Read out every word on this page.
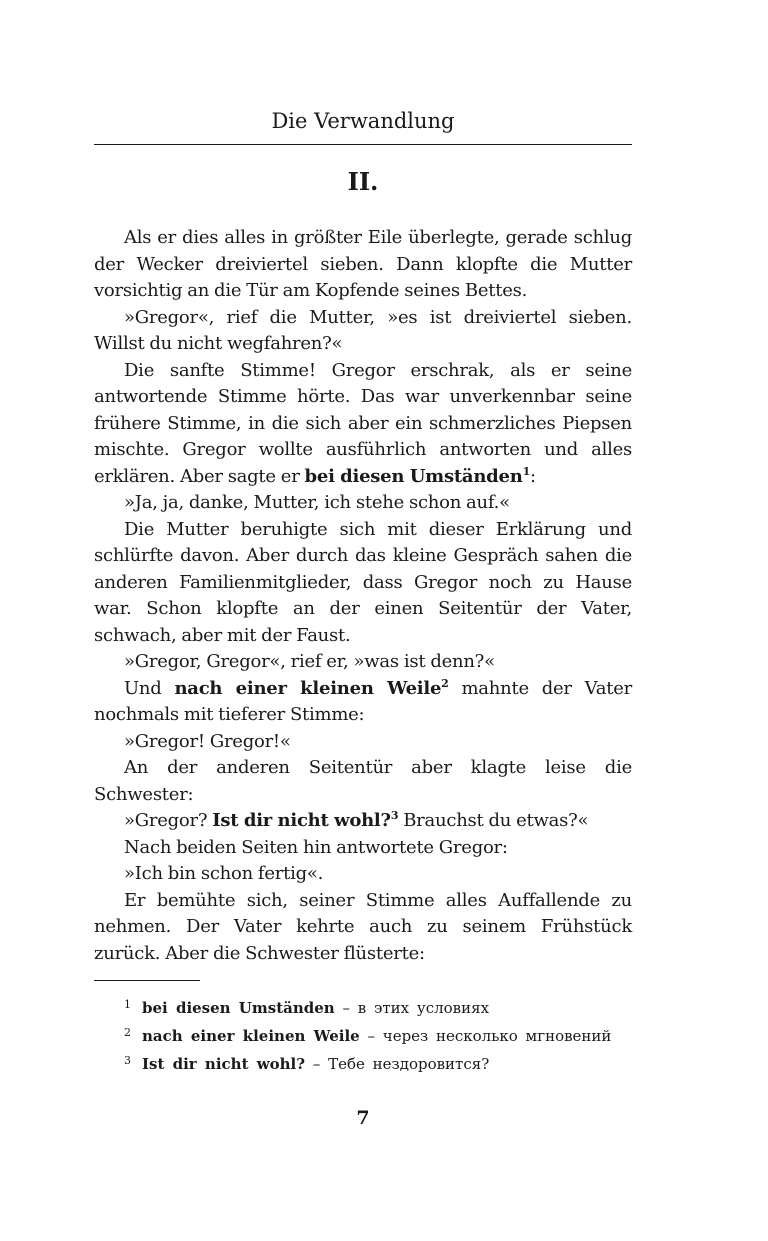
Die Verwandlung
II.

Als er dies alles in größter Eile überlegte, gerade schlug der Wecker dreiviertel sieben. Dann klopfte die Mutter vorsichtig an die Tür am Kopfende seines Bettes.

»Gregor«, rief die Mutter, »es ist dreiviertel sieben. Willst du nicht wegfahren?«

Die sanfte Stimme! Gregor erschrak, als er seine antwortende Stimme hörte. Das war unverkennbar seine frühere Stimme, in die sich aber ein schmerzliches Piepsen mischte. Gregor wollte ausführlich antworten und alles erklären. Aber sagte er bei diesen Umständen$^1$:

»Ja, ja, danke, Mutter, ich stehe schon auf.«

Die Mutter beruhigte sich mit dieser Erklärung und schlürfte davon. Aber durch das kleine Gespräch sahen die anderen Familienmitglieder, dass Gregor noch zu Hause war. Schon klopfte an der einen Seitentür der Vater, schwach, aber mit der Faust.

»Gregor, Gregor«, rief er, »was ist denn?«

Und nach einer kleinen Weile$^2$ mahnte der Vater nochmals mit tieferer Stimme:

»Gregor! Gregor!«

An der anderen Seitentür aber klagte leise die Schwester:

»Gregor? Ist dir nicht wohl?$^3$ Brauchst du etwas?«

Nach beiden Seiten hin antwortete Gregor:

»Ich bin schon fertig«.

Er bemühte sich, seiner Stimme alles Auffallende zu nehmen. Der Vater kehrte auch zu seinem Frühstück zurück. Aber die Schwester flüsterte:

1 bei diesen Umständen – в этих условиях
2 nach einer kleinen Weile – через несколько мгновений
3 Ist dir nicht wohl? – Тебе нездоровится?
7
